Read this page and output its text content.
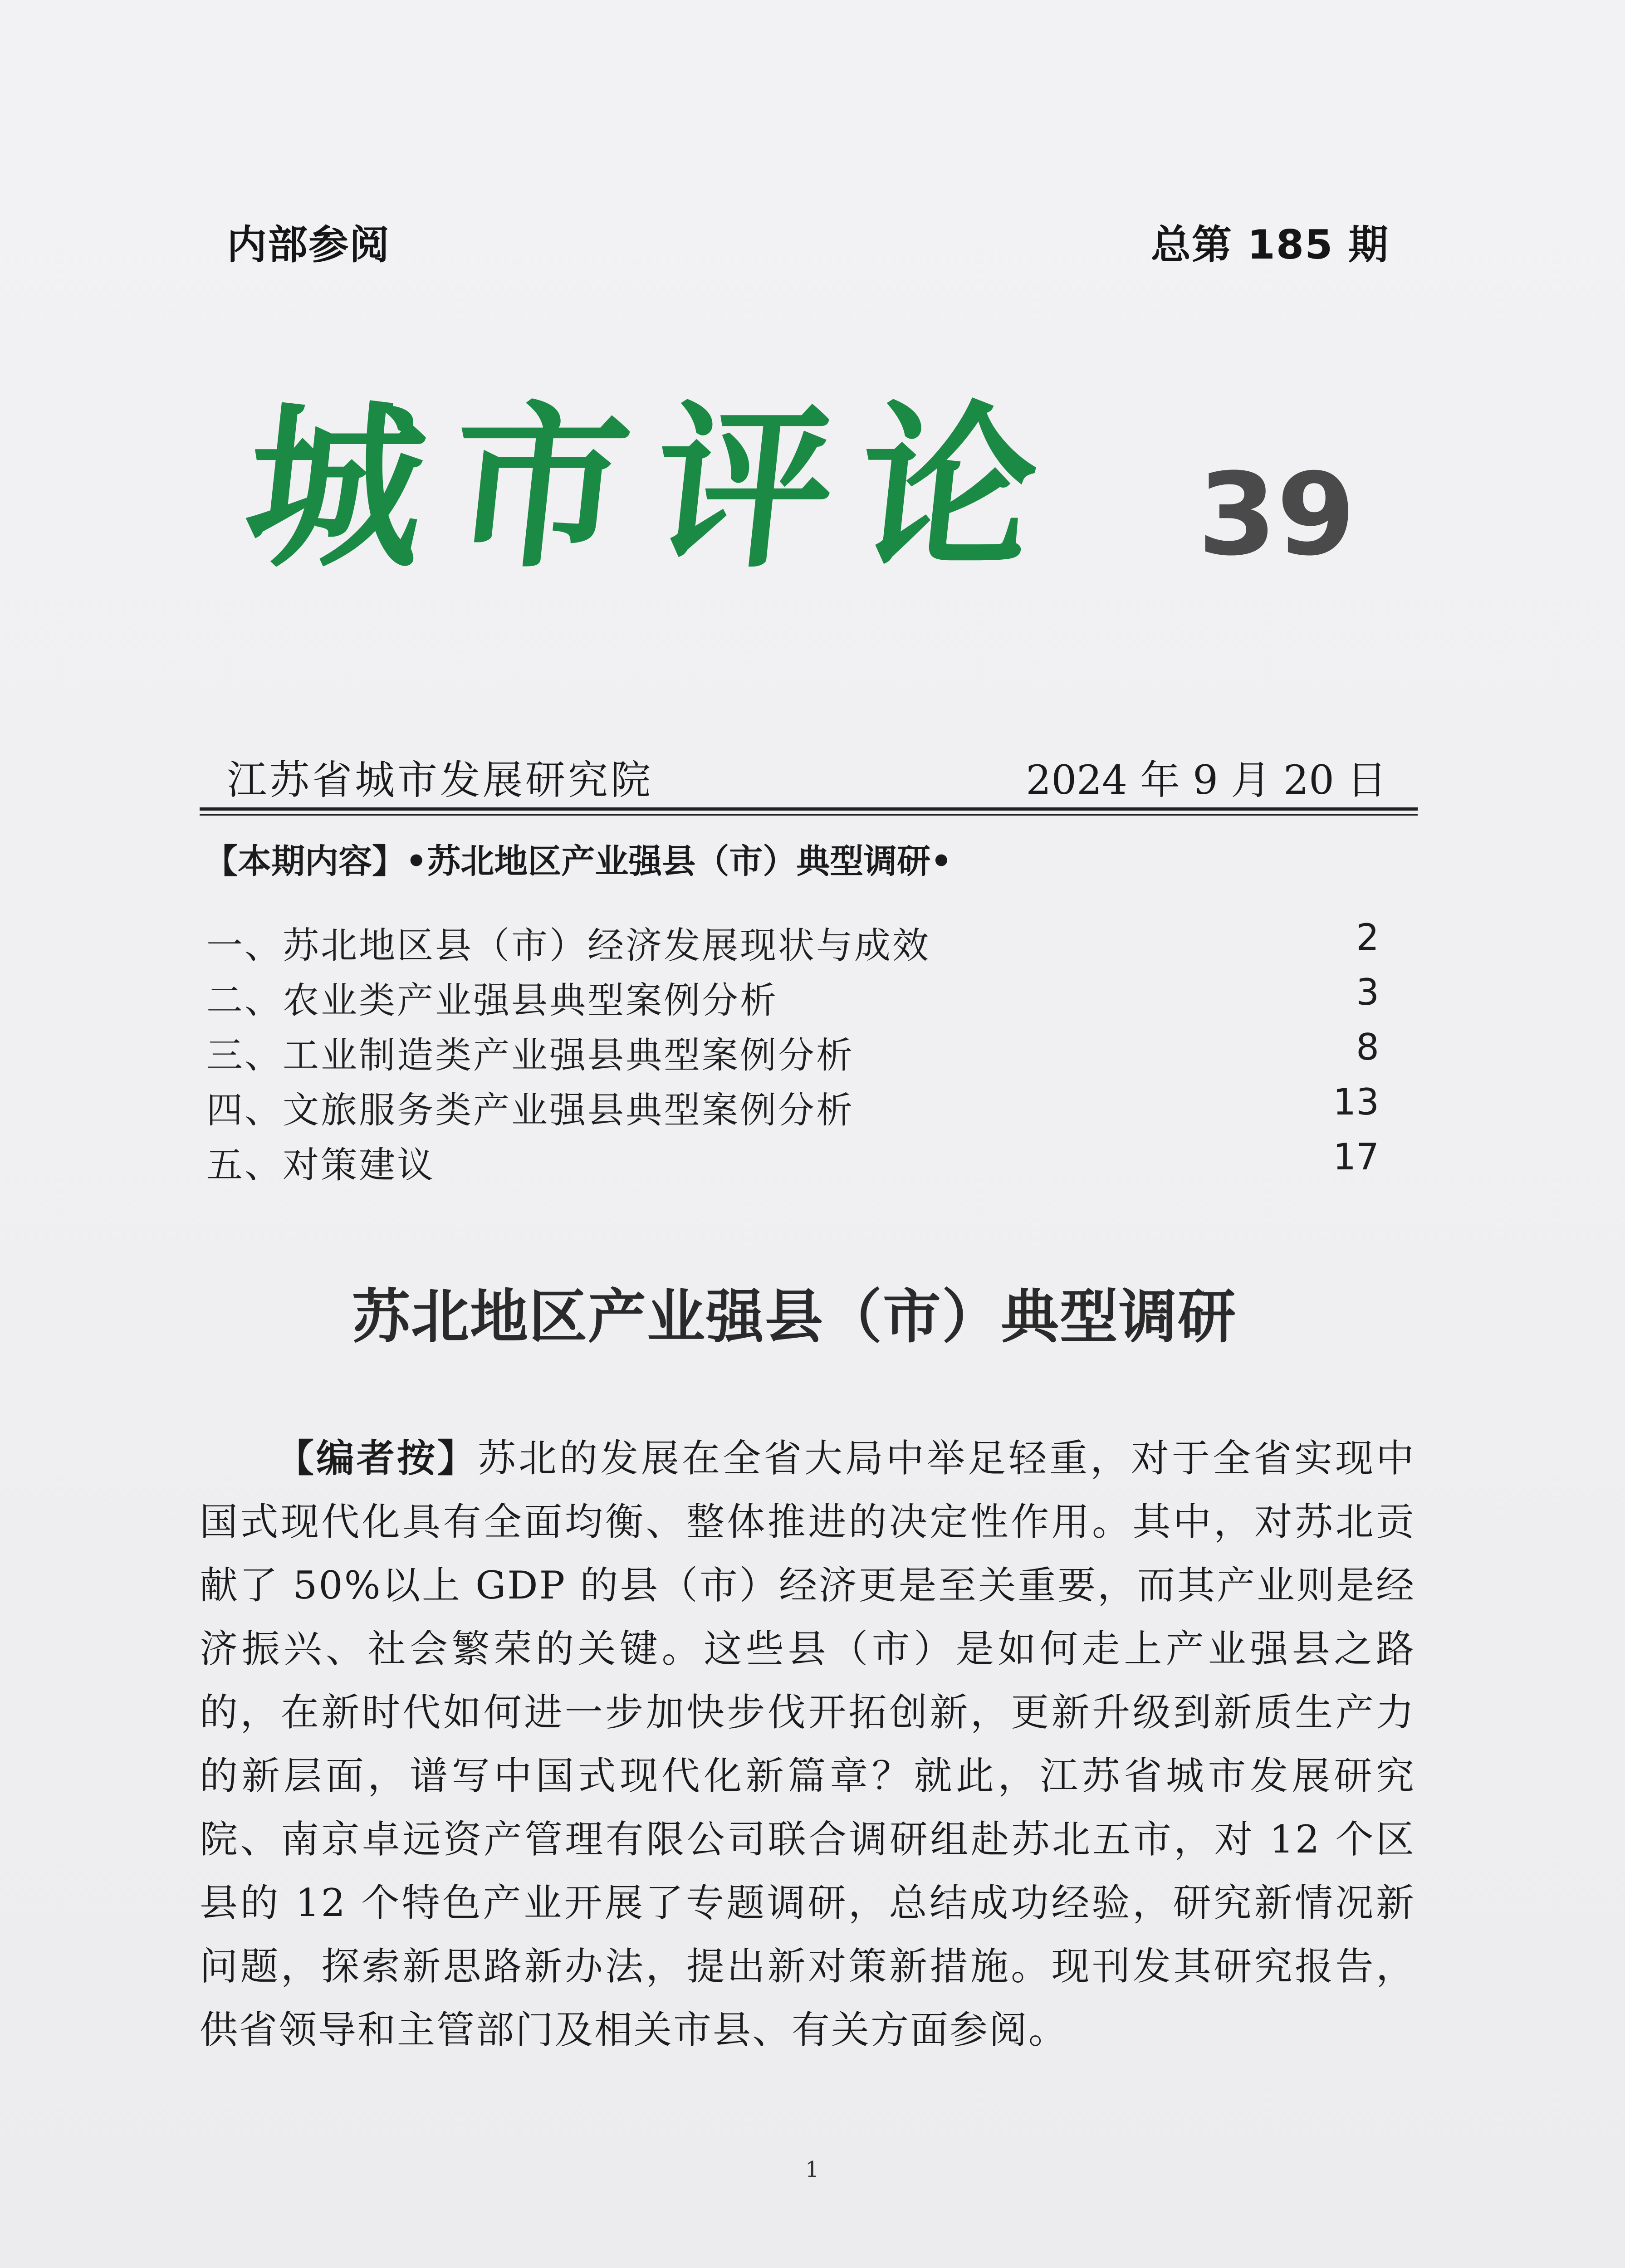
内部参阅	总第 185 期
城市评论 39
江苏省城市发展研究院	2024 年 9 月 20 日
【本期内容】•苏北地区产业强县（市）典型调研•
一、苏北地区县（市）经济发展现状与成效	2
二、农业类产业强县典型案例分析	3
三、工业制造类产业强县典型案例分析	8
四、文旅服务类产业强县典型案例分析	13
五、对策建议	17
苏北地区产业强县（市）典型调研
【编者按】苏北的发展在全省大局中举足轻重，对于全省实现中国式现代化具有全面均衡、整体推进的决定性作用。其中，对苏北贡献了 50%以上 GDP 的县（市）经济更是至关重要，而其产业则是经济振兴、社会繁荣的关键。这些县（市）是如何走上产业强县之路的，在新时代如何进一步加快步伐开拓创新，更新升级到新质生产力的新层面，谱写中国式现代化新篇章？就此，江苏省城市发展研究院、南京卓远资产管理有限公司联合调研组赴苏北五市，对 12 个区县的 12 个特色产业开展了专题调研，总结成功经验，研究新情况新问题，探索新思路新办法，提出新对策新措施。现刊发其研究报告，供省领导和主管部门及相关市县、有关方面参阅。
1
